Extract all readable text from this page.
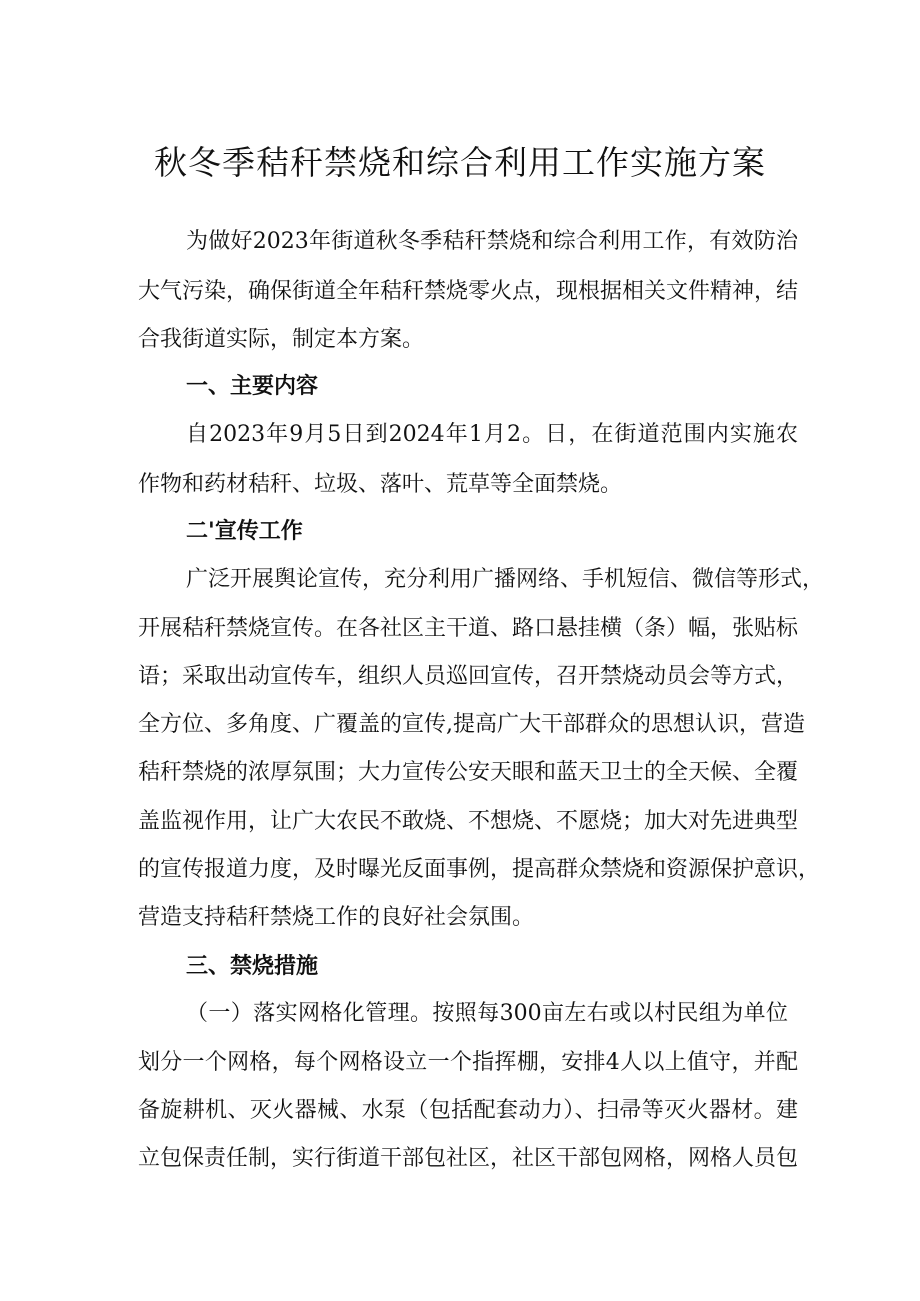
秋冬季秸秆禁烧和综合利用工作实施方案
为做好2023年街道秋冬季秸秆禁烧和综合利用工作，有效防治
大气污染，确保街道全年秸秆禁烧零火点，现根据相关文件精神，结
合我街道实际，制定本方案。
一、主要内容
自2023年9月5日到2024年1月2。日，在街道范围内实施农
作物和药材秸秆、垃圾、落叶、荒草等全面禁烧。
二'宣传工作
广泛开展舆论宣传，充分利用广播网络、手机短信、微信等形式，
开展秸秆禁烧宣传。在各社区主干道、路口悬挂横（条）幅，张贴标
语；采取出动宣传车，组织人员巡回宣传，召开禁烧动员会等方式，
全方位、多角度、广覆盖的宣传,提高广大干部群众的思想认识，营造
秸秆禁烧的浓厚氛围；大力宣传公安天眼和蓝天卫士的全天候、全覆
盖监视作用，让广大农民不敢烧、不想烧、不愿烧；加大对先进典型
的宣传报道力度，及时曝光反面事例，提高群众禁烧和资源保护意识，
营造支持秸秆禁烧工作的良好社会氛围。
三、禁烧措施
（一）落实网格化管理。按照每300亩左右或以村民组为单位
划分一个网格，每个网格设立一个指挥棚，安排4人以上值守，并配
备旋耕机、灭火器械、水泵（包括配套动力）、扫帚等灭火器材。建
立包保责任制，实行街道干部包社区，社区干部包网格，网格人员包
